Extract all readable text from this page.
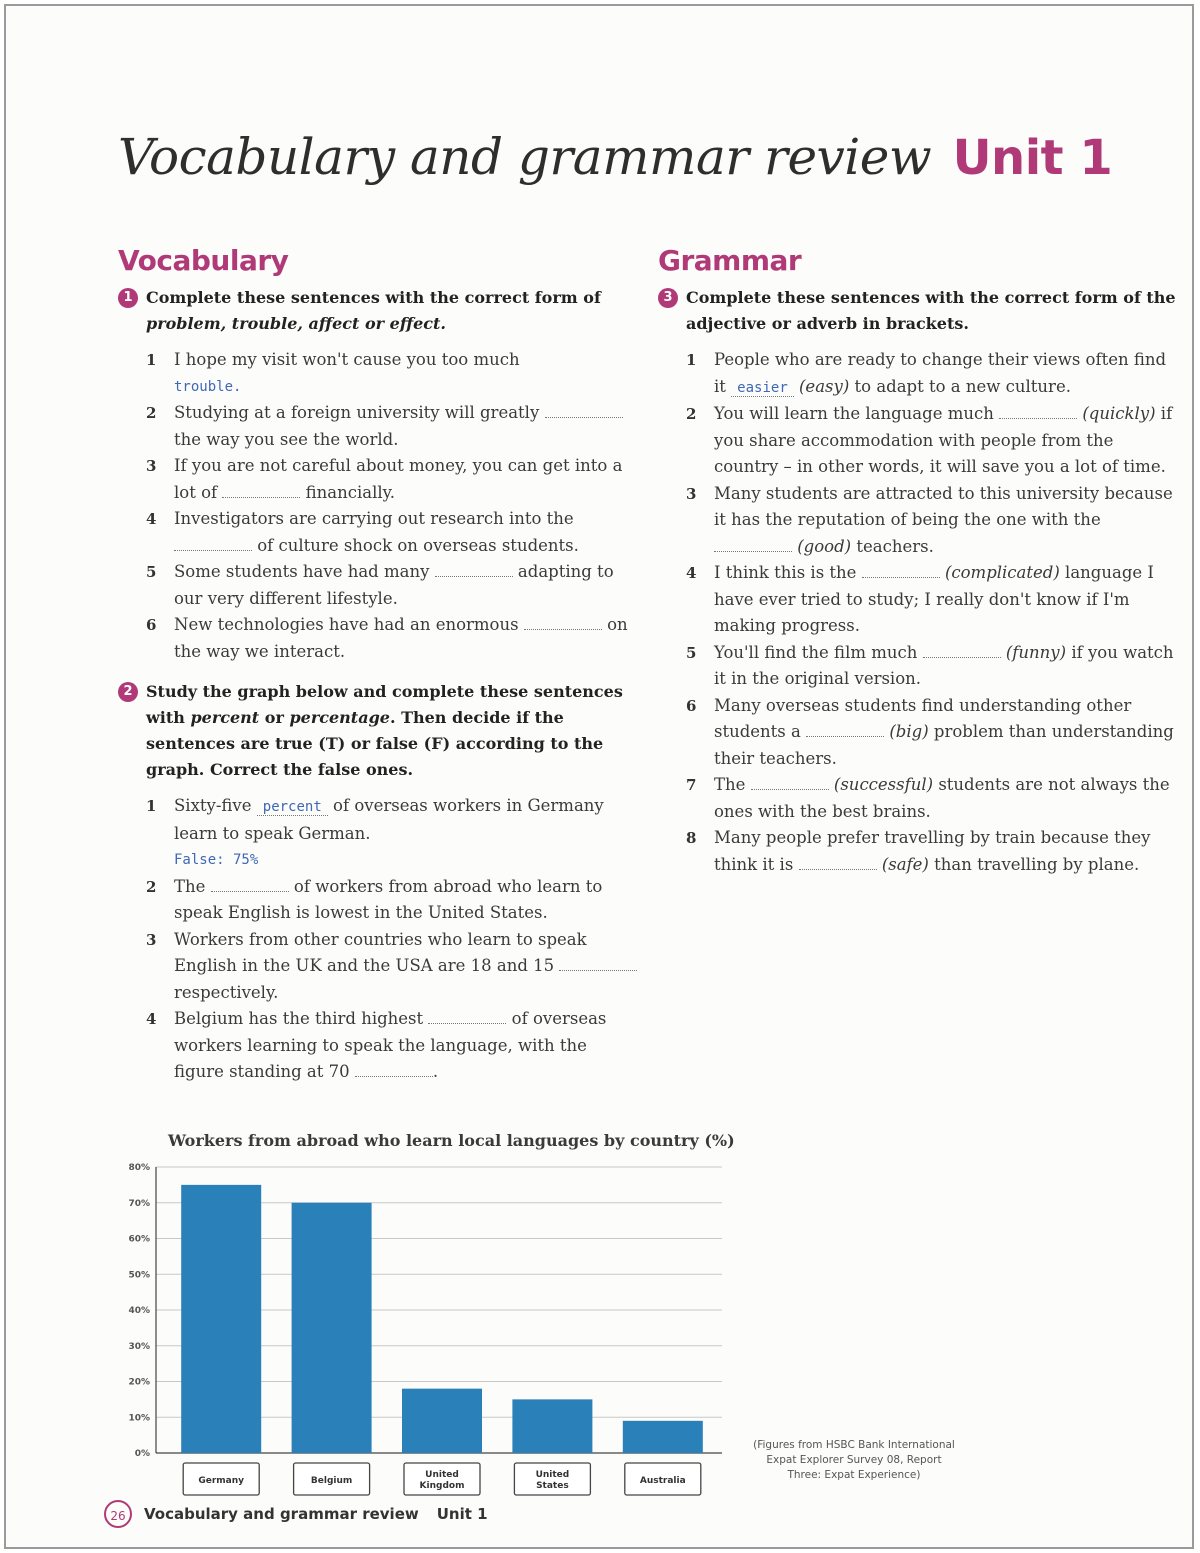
Vocabulary and grammar review Unit 1
Vocabulary

1 Complete these sentences with the correct form of problem, trouble, affect or effect.

1 I hope my visit won't cause you too much
trouble.
2 Studying at a foreign university will greatly  the way you see the world.
3 If you are not careful about money, you can get into a lot of	financially.
4 Investigators are carrying out research into the  of culture shock on overseas students.
5 Some students have had many	adapting to our very different lifestyle.
6 New technologies have had an enormous	on the way we interact.

2 Study the graph below and complete these sentences with percent or percentage. Then decide if the sentences are true (T) or false (F) according to the graph. Correct the false ones.

1 Sixty-five percent of overseas workers in Germany learn to speak German.
False: 75%
2 The	of workers from abroad who learn to speak English is lowest in the United States.
3 Workers from other countries who learn to speak English in the UK and the USA are 18 and 15  respectively.
4 Belgium has the third highest	of overseas workers learning to speak the language, with the figure standing at 70	.
Grammar

3 Complete these sentences with the correct form of the adjective or adverb in brackets.

1 People who are ready to change their views often find it easier (easy) to adapt to a new culture.
2 You will learn the language much	(quickly) if you share accommodation with people from the country – in other words, it will save you a lot of time.
3 Many students are attracted to this university because it has the reputation of being the one with the  (good) teachers.
4 I think this is the	(complicated) language I have ever tried to study; I really don't know if I'm making progress.
5 You'll find the film much	(funny) if you watch it in the original version.
6 Many overseas students find understanding other students a	(big) problem than understanding their teachers.
7 The	(successful) students are not always the ones with the best brains.
8 Many people prefer travelling by train because they think it is	(safe) than travelling by plane.

Workers from abroad who learn local languages by country (%)

0%
10%
20%
30%
40%
50%
60%
70%
80%
Germany	Belgium
United
Kingdom
United
States	Australia

(Figures from HSBC Bank International
Expat Explorer Survey 08, Report
Three: Expat Experience)

26	Vocabulary and grammar review Unit 1
